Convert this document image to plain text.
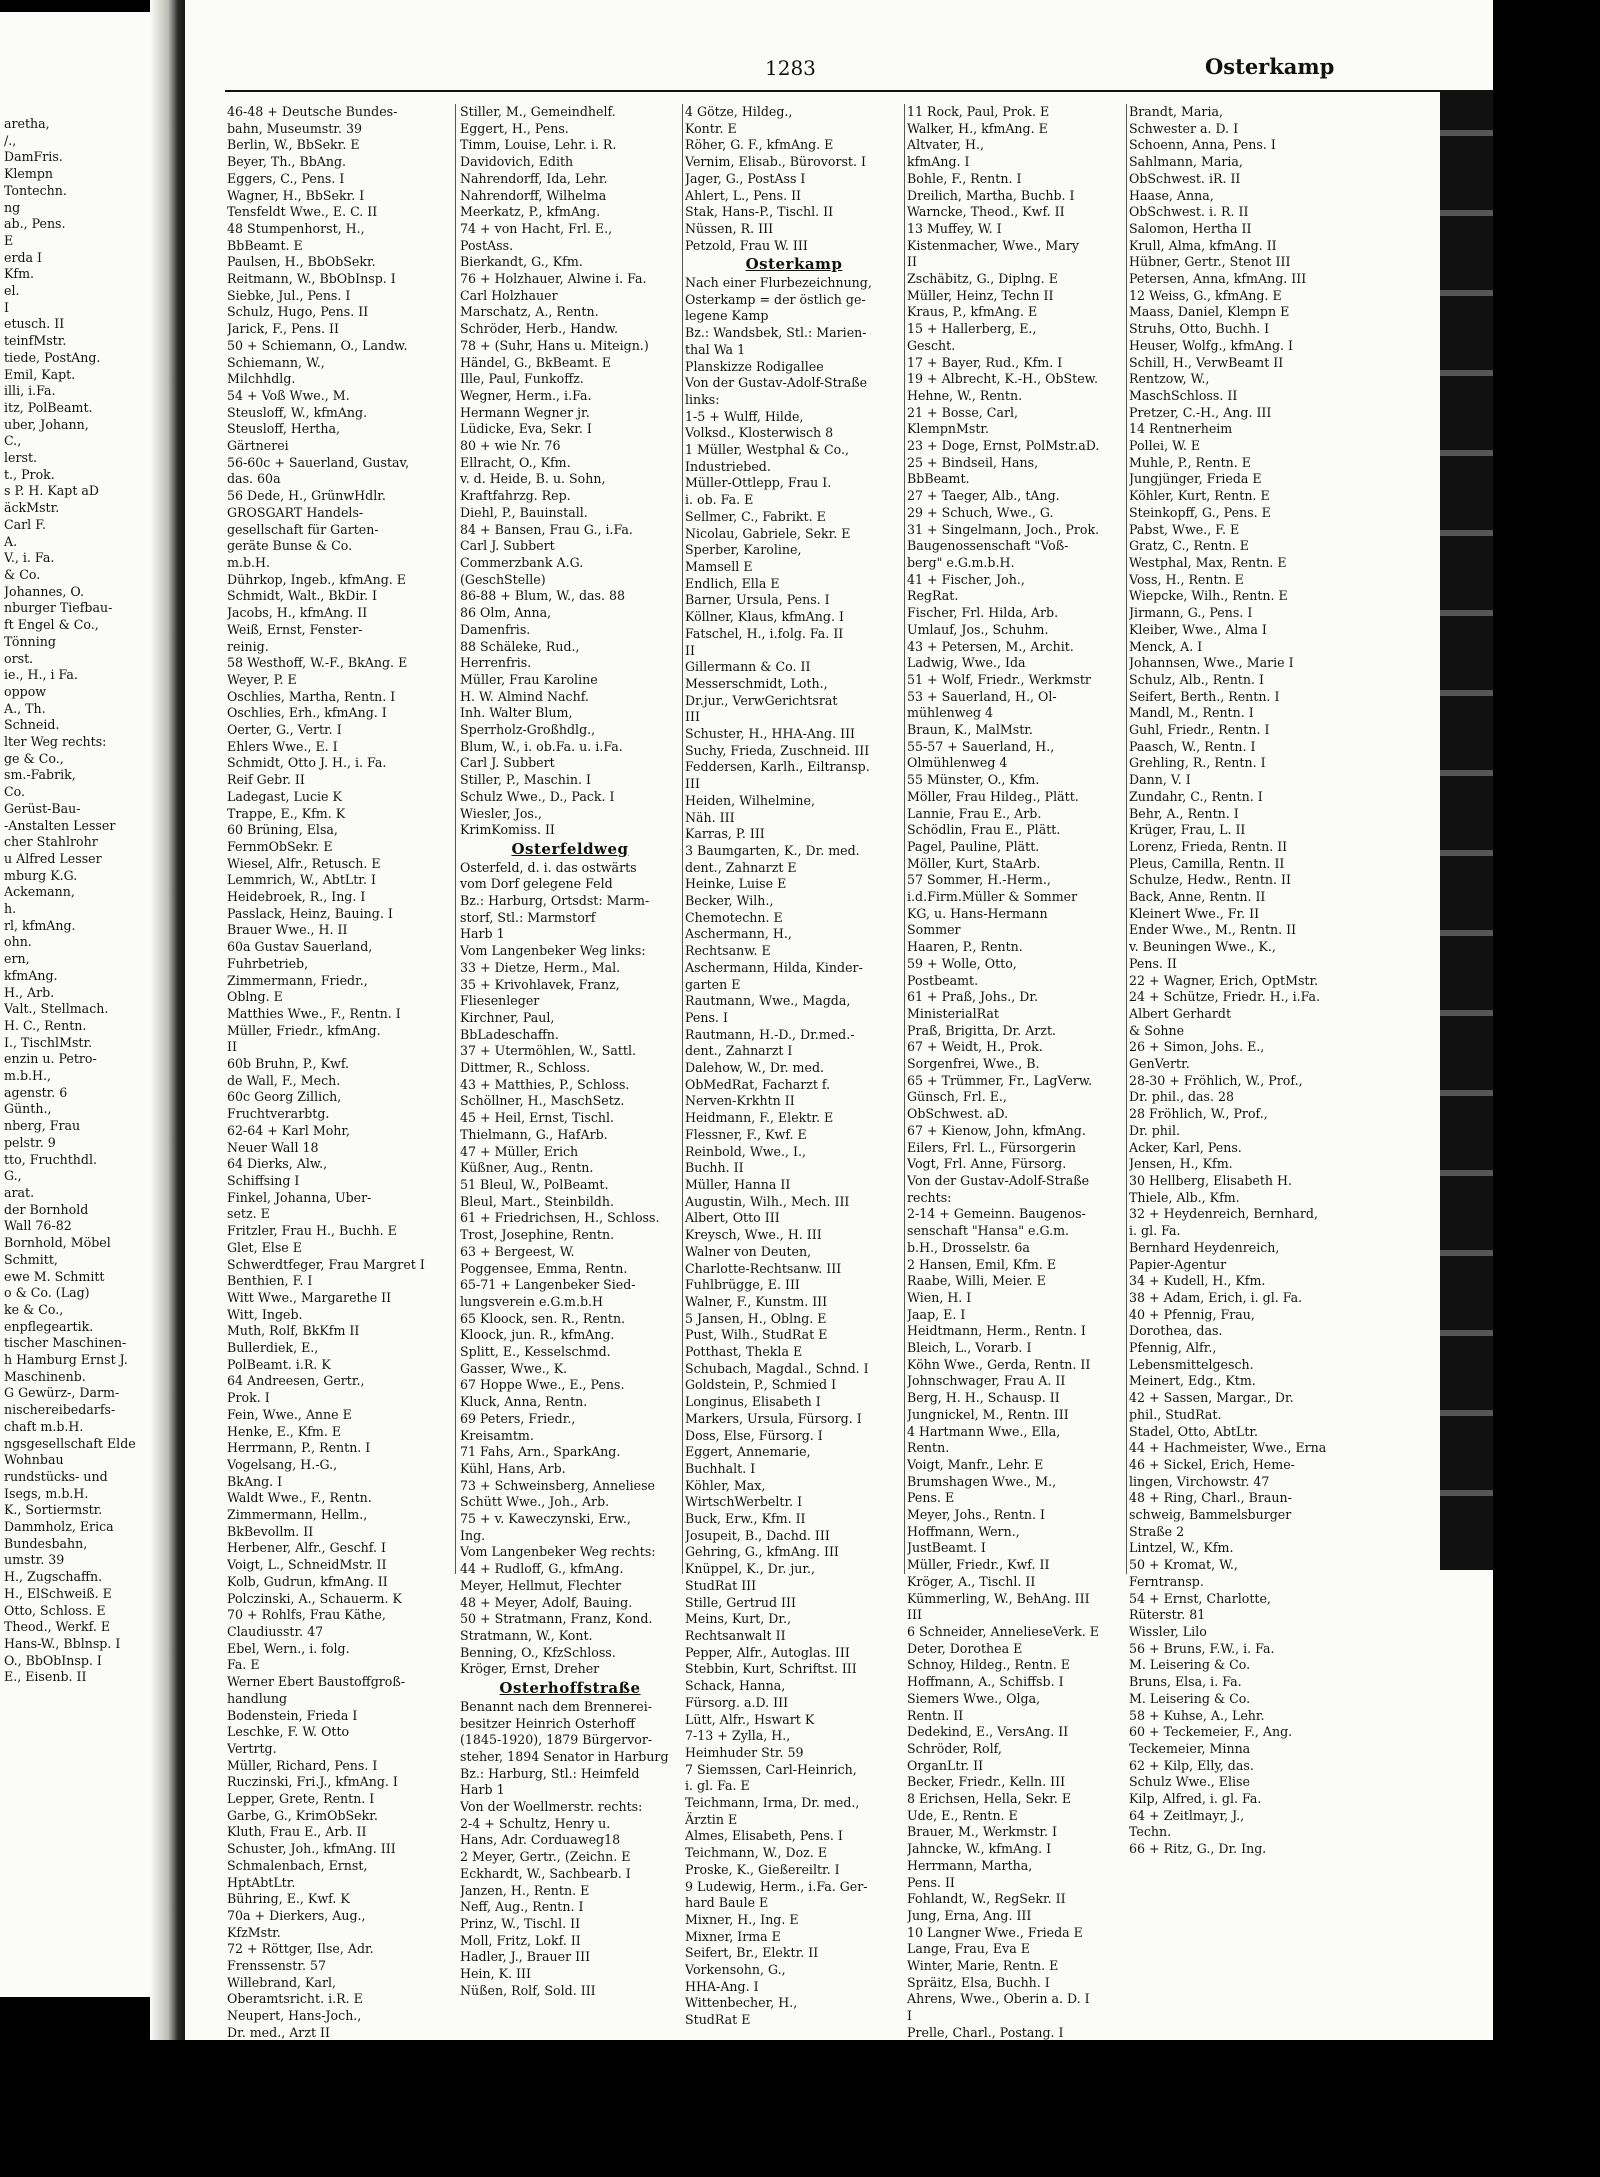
aretha,
/.,
DamFris.
Klempn
Tontechn.
ng
ab., Pens.
E
erda I
Kfm.
el.
I
etusch. II
teinfMstr.
tiede, PostAng.
Emil, Kapt.
illi, i.Fa.
itz, PolBeamt.
uber, Johann,
C.,
lerst.
t., Prok.
s P. H. Kapt aD
äckMstr.
Carl F.
A.
V., i. Fa.
& Co.
Johannes, O.
nburger Tiefbau-
ft Engel & Co.,
Tönning
orst.
ie., H., i Fa.
oppow
A., Th.
Schneid.
lter Weg rechts:
ge & Co.,
sm.-Fabrik,
Co.
Gerüst-Bau-
-Anstalten Lesser
cher Stahlrohr
u Alfred Lesser
mburg K.G.
Ackemann,
h.
rl, kfmAng.
ohn.
ern,
kfmAng.
H., Arb.
Valt., Stellmach.
H. C., Rentn.
I., TischlMstr.
enzin u. Petro-
m.b.H.,
agenstr. 6
Günth.,
nberg, Frau
pelstr. 9
tto, Fruchthdl.
G.,
arat.
der Bornhold
Wall 76-82
Bornhold, Möbel
Schmitt,
ewe M. Schmitt
o & Co. (Lag)
ke & Co.,
enpflegeartik.
tischer Maschinen-
h Hamburg Ernst J.
Maschinenb.
G Gewürz-, Darm-
nischereibedarfs-
chaft m.b.H.
ngsgesellschaft Elde
Wohnbau
rundstücks- und
Isegs, m.b.H.
K., Sortiermstr.
Dammholz, Erica
Bundesbahn,
umstr. 39
H., Zugschaffn.
H., ElSchweiß. E
Otto, Schloss. E
Theod., Werkf. E
Hans-W., Bblnsp. I
O., BbObInsp. I
E., Eisenb. II
1283	Osterkamp
46-48 + Deutsche Bundes-
bahn, Museumstr. 39
Berlin, W., BbSekr. E
Beyer, Th., BbAng.
Eggers, C., Pens. I
Wagner, H., BbSekr. I
Tensfeldt Wwe., E. C. II
48 Stumpenhorst, H.,
BbBeamt. E
Paulsen, H., BbObSekr.
Reitmann, W., BbObInsp. I
Siebke, Jul., Pens. I
Schulz, Hugo, Pens. II
Jarick, F., Pens. II
50 + Schiemann, O., Landw.
Schiemann, W.,
Milchhdlg.
54 + Voß Wwe., M.
Steusloff, W., kfmAng.
Steusloff, Hertha,
Gärtnerei
56-60c + Sauerland, Gustav,
das. 60a
56 Dede, H., GrünwHdlr.
GROSGART Handels-
gesellschaft für Garten-
geräte Bunse & Co.
m.b.H.
Dührkop, Ingeb., kfmAng. E
Schmidt, Walt., BkDir. I
Jacobs, H., kfmAng. II
Weiß, Ernst, Fenster-
reinig.
58 Westhoff, W.-F., BkAng. E
Weyer, P. E
Oschlies, Martha, Rentn. I
Oschlies, Erh., kfmAng. I
Oerter, G., Vertr. I
Ehlers Wwe., E. I
Schmidt, Otto J. H., i. Fa.
Reif Gebr. II
Ladegast, Lucie K
Trappe, E., Kfm. K
60 Brüning, Elsa,
FernmObSekr. E
Wiesel, Alfr., Retusch. E
Lemmrich, W., AbtLtr. I
Heidebroek, R., Ing. I
Passlack, Heinz, Bauing. I
Brauer Wwe., H. II
60a Gustav Sauerland,
Fuhrbetrieb,
Zimmermann, Friedr.,
Oblng. E
Matthies Wwe., F., Rentn. I
Müller, Friedr., kfmAng.
II
60b Bruhn, P., Kwf.
de Wall, F., Mech.
60c Georg Zillich,
Fruchtverarbtg.
62-64 + Karl Mohr,
Neuer Wall 18
64 Dierks, Alw.,
Schiffsing I
Finkel, Johanna, Uber-
setz. E
Fritzler, Frau H., Buchh. E
Glet, Else E
Schwerdtfeger, Frau Margret I
Benthien, F. I
Witt Wwe., Margarethe II
Witt, Ingeb.
Muth, Rolf, BkKfm II
Bullerdiek, E.,
PolBeamt. i.R. K
64 Andreesen, Gertr.,
Prok. I
Fein, Wwe., Anne E
Henke, E., Kfm. E
Herrmann, P., Rentn. I
Vogelsang, H.-G.,
BkAng. I
Waldt Wwe., F., Rentn.
Zimmermann, Hellm.,
BkBevollm. II
Herbener, Alfr., Geschf. I
Voigt, L., SchneidMstr. II
Kolb, Gudrun, kfmAng. II
Polczinski, A., Schauerm. K
70 + Rohlfs, Frau Käthe,
Claudiusstr. 47
Ebel, Wern., i. folg.
Fa. E
Werner Ebert Baustoffgroß-
handlung
Bodenstein, Frieda I
Leschke, F. W. Otto
Vertrtg.
Müller, Richard, Pens. I
Ruczinski, Fri.J., kfmAng. I
Lepper, Grete, Rentn. I
Garbe, G., KrimObSekr.
Kluth, Frau E., Arb. II
Schuster, Joh., kfmAng. III
Schmalenbach, Ernst,
HptAbtLtr.
Bühring, E., Kwf. K
70a + Dierkers, Aug.,
KfzMstr.
72 + Röttger, Ilse, Adr.
Frenssenstr. 57
Willebrand, Karl,
Oberamtsricht. i.R. E
Neupert, Hans-Joch.,
Dr. med., Arzt II
Stiller, M., Gemeindhelf.
Eggert, H., Pens.
Timm, Louise, Lehr. i. R.
Davidovich, Edith
Nahrendorff, Ida, Lehr.
Nahrendorff, Wilhelma
Meerkatz, P., kfmAng.
74 + von Hacht, Frl. E.,
PostAss.
Bierkandt, G., Kfm.
76 + Holzhauer, Alwine i. Fa.
Carl Holzhauer
Marschatz, A., Rentn.
Schröder, Herb., Handw.
78 + (Suhr, Hans u. Miteign.)
Händel, G., BkBeamt. E
Ille, Paul, Funkoffz.
Wegner, Herm., i.Fa.
Hermann Wegner jr.
Lüdicke, Eva, Sekr. I
80 + wie Nr. 76
Ellracht, O., Kfm.
v. d. Heide, B. u. Sohn,
Kraftfahrzg. Rep.
Diehl, P., Bauinstall.
84 + Bansen, Frau G., i.Fa.
Carl J. Subbert
Commerzbank A.G.
(GeschStelle)
86-88 + Blum, W., das. 88
86 Olm, Anna,
Damenfris.
88 Schäleke, Rud.,
Herrenfris.
Müller, Frau Karoline
H. W. Almind Nachf.
Inh. Walter Blum,
Sperrholz-Großhdlg.,
Blum, W., i. ob.Fa. u. i.Fa.
Carl J. Subbert
Stiller, P., Maschin. I
Schulz Wwe., D., Pack. I
Wiesler, Jos.,
KrimKomiss. II
Osterfeldweg
Osterfeld, d. i. das ostwärts
vom Dorf gelegene Feld
Bz.: Harburg, Ortsdst: Marm-
storf, Stl.: Marmstorf
Harb 1
Vom Langenbeker Weg links:
33 + Dietze, Herm., Mal.
35 + Krivohlavek, Franz,
Fliesenleger
Kirchner, Paul,
BbLadeschaffn.
37 + Utermöhlen, W., Sattl.
Dittmer, R., Schloss.
43 + Matthies, P., Schloss.
Schöllner, H., MaschSetz.
45 + Heil, Ernst, Tischl.
Thielmann, G., HafArb.
47 + Müller, Erich
Küßner, Aug., Rentn.
51 Bleul, W., PolBeamt.
Bleul, Mart., Steinbildh.
61 + Friedrichsen, H., Schloss.
Trost, Josephine, Rentn.
63 + Bergeest, W.
Poggensee, Emma, Rentn.
65-71 + Langenbeker Sied-
lungsverein e.G.m.b.H
65 Kloock, sen. R., Rentn.
Kloock, jun. R., kfmAng.
Splitt, E., Kesselschmd.
Gasser, Wwe., K.
67 Hoppe Wwe., E., Pens.
Kluck, Anna, Rentn.
69 Peters, Friedr.,
Kreisamtm.
71 Fahs, Arn., SparkAng.
Kühl, Hans, Arb.
73 + Schweinsberg, Anneliese
Schütt Wwe., Joh., Arb.
75 + v. Kaweczynski, Erw.,
Ing.
Vom Langenbeker Weg rechts:
44 + Rudloff, G., kfmAng.
Meyer, Hellmut, Flechter
48 + Meyer, Adolf, Bauing.
50 + Stratmann, Franz, Kond.
Stratmann, W., Kont.
Benning, O., KfzSchloss.
Kröger, Ernst, Dreher
Osterhoffstraße
Benannt nach dem Brennerei-
besitzer Heinrich Osterhoff
(1845-1920), 1879 Bürgervor-
steher, 1894 Senator in Harburg
Bz.: Harburg, Stl.: Heimfeld
Harb 1
Von der Woellmerstr. rechts:
2-4 + Schultz, Henry u.
Hans, Adr. Corduaweg18
2 Meyer, Gertr., (Zeichn. E
Eckhardt, W., Sachbearb. I
Janzen, H., Rentn. E
Neff, Aug., Rentn. I
Prinz, W., Tischl. II
Moll, Fritz, Lokf. II
Hadler, J., Brauer III
Hein, K. III
Nüßen, Rolf, Sold. III
4 Götze, Hildeg.,
Kontr. E
Röher, G. F., kfmAng. E
Vernim, Elisab., Bürovorst. I
Jager, G., PostAss I
Ahlert, L., Pens. II
Stak, Hans-P., Tischl. II
Nüssen, R. III
Petzold, Frau W. III
Osterkamp
Nach einer Flurbezeichnung,
Osterkamp = der östlich ge-
legene Kamp
Bz.: Wandsbek, Stl.: Marien-
thal Wa 1
Planskizze Rodigallee
Von der Gustav-Adolf-Straße
links:
1-5 + Wulff, Hilde,
Volksd., Klosterwisch 8
1 Müller, Westphal & Co.,
Industriebed.
Müller-Ottlepp, Frau I.
i. ob. Fa. E
Sellmer, C., Fabrikt. E
Nicolau, Gabriele, Sekr. E
Sperber, Karoline,
Mamsell E
Endlich, Ella E
Barner, Ursula, Pens. I
Köllner, Klaus, kfmAng. I
Fatschel, H., i.folg. Fa. II
II
Gillermann & Co. II
Messerschmidt, Loth.,
Dr.jur., VerwGerichtsrat
III
Schuster, H., HHA-Ang. III
Suchy, Frieda, Zuschneid. III
Feddersen, Karlh., Eiltransp.
III
Heiden, Wilhelmine,
Näh. III
Karras, P. III
3 Baumgarten, K., Dr. med.
dent., Zahnarzt E
Heinke, Luise E
Becker, Wilh.,
Chemotechn. E
Aschermann, H.,
Rechtsanw. E
Aschermann, Hilda, Kinder-
garten E
Rautmann, Wwe., Magda,
Pens. I
Rautmann, H.-D., Dr.med.-
dent., Zahnarzt I
Dalehow, W., Dr. med.
ObMedRat, Facharzt f.
Nerven-Krkhtn II
Heidmann, F., Elektr. E
Flessner, F., Kwf. E
Reinbold, Wwe., I.,
Buchh. II
Müller, Hanna II
Augustin, Wilh., Mech. III
Albert, Otto III
Kreysch, Wwe., H. III
Walner von Deuten,
Charlotte-Rechtsanw. III
Fuhlbrügge, E. III
Walner, F., Kunstm. III
5 Jansen, H., Oblng. E
Pust, Wilh., StudRat E
Potthast, Thekla E
Schubach, Magdal., Schnd. I
Goldstein, P., Schmied I
Longinus, Elisabeth I
Markers, Ursula, Fürsorg. I
Doss, Else, Fürsorg. I
Eggert, Annemarie,
Buchhalt. I
Köhler, Max,
WirtschWerbeltr. I
Buck, Erw., Kfm. II
Josupeit, B., Dachd. III
Gehring, G., kfmAng. III
Knüppel, K., Dr. jur.,
StudRat III
Stille, Gertrud III
Meins, Kurt, Dr.,
Rechtsanwalt II
Pepper, Alfr., Autoglas. III
Stebbin, Kurt, Schriftst. III
Schack, Hanna,
Fürsorg. a.D. III
Lütt, Alfr., Hswart K
7-13 + Zylla, H.,
Heimhuder Str. 59
7 Siemssen, Carl-Heinrich,
i. gl. Fa. E
Teichmann, Irma, Dr. med.,
Ärztin E
Almes, Elisabeth, Pens. I
Teichmann, W., Doz. E
Proske, K., Gießereiltr. I
9 Ludewig, Herm., i.Fa. Ger-
hard Baule E
Mixner, H., Ing. E
Mixner, Irma E
Seifert, Br., Elektr. II
Vorkensohn, G.,
HHA-Ang. I
Wittenbecher, H.,
StudRat E
11 Rock, Paul, Prok. E
Walker, H., kfmAng. E
Altvater, H.,
kfmAng. I
Bohle, F., Rentn. I
Dreilich, Martha, Buchb. I
Warncke, Theod., Kwf. II
13 Muffey, W. I
Kistenmacher, Wwe., Mary
II
Zschäbitz, G., Diplng. E
Müller, Heinz, Techn II
Kraus, P., kfmAng. E
15 + Hallerberg, E.,
Gescht.
17 + Bayer, Rud., Kfm. I
19 + Albrecht, K.-H., ObStew.
Hehne, W., Rentn.
21 + Bosse, Carl,
KlempnMstr.
23 + Doge, Ernst, PolMstr.aD.
25 + Bindseil, Hans,
BbBeamt.
27 + Taeger, Alb., tAng.
29 + Schuch, Wwe., G.
31 + Singelmann, Joch., Prok.
Baugenossenschaft "Voß-
berg" e.G.m.b.H.
41 + Fischer, Joh.,
RegRat.
Fischer, Frl. Hilda, Arb.
Umlauf, Jos., Schuhm.
43 + Petersen, M., Archit.
Ladwig, Wwe., Ida
51 + Wolf, Friedr., Werkmstr
53 + Sauerland, H., Ol-
mühlenweg 4
Braun, K., MalMstr.
55-57 + Sauerland, H.,
Olmühlenweg 4
55 Münster, O., Kfm.
Möller, Frau Hildeg., Plätt.
Lannie, Frau E., Arb.
Schödlin, Frau E., Plätt.
Pagel, Pauline, Plätt.
Möller, Kurt, StaArb.
57 Sommer, H.-Herm.,
i.d.Firm.Müller & Sommer
KG, u. Hans-Hermann
Sommer
Haaren, P., Rentn.
59 + Wolle, Otto,
Postbeamt.
61 + Praß, Johs., Dr.
MinisterialRat
Praß, Brigitta, Dr. Arzt.
67 + Weidt, H., Prok.
Sorgenfrei, Wwe., B.
65 + Trümmer, Fr., LagVerw.
Günsch, Frl. E.,
ObSchwest. aD.
67 + Kienow, John, kfmAng.
Eilers, Frl. L., Fürsorgerin
Vogt, Frl. Anne, Fürsorg.
Von der Gustav-Adolf-Straße
rechts:
2-14 + Gemeinn. Baugenos-
senschaft "Hansa" e.G.m.
b.H., Drosselstr. 6a
2 Hansen, Emil, Kfm. E
Raabe, Willi, Meier. E
Wien, H. I
Jaap, E. I
Heidtmann, Herm., Rentn. I
Bleich, L., Vorarb. I
Köhn Wwe., Gerda, Rentn. II
Johnschwager, Frau A. II
Berg, H. H., Schausp. II
Jungnickel, M., Rentn. III
4 Hartmann Wwe., Ella,
Rentn.
Voigt, Manfr., Lehr. E
Brumshagen Wwe., M.,
Pens. E
Meyer, Johs., Rentn. I
Hoffmann, Wern.,
JustBeamt. I
Müller, Friedr., Kwf. II
Kröger, A., Tischl. II
Kümmerling, W., BehAng. III
III
6 Schneider, AnnelieseVerk. E
Deter, Dorothea E
Schnoy, Hildeg., Rentn. E
Hoffmann, A., Schiffsb. I
Siemers Wwe., Olga,
Rentn. II
Dedekind, E., VersAng. II
Schröder, Rolf,
OrganLtr. II
Becker, Friedr., Kelln. III
8 Erichsen, Hella, Sekr. E
Ude, E., Rentn. E
Brauer, M., Werkmstr. I
Jahncke, W., kfmAng. I
Herrmann, Martha,
Pens. II
Fohlandt, W., RegSekr. II
Jung, Erna, Ang. III
10 Langner Wwe., Frieda E
Lange, Frau, Eva E
Winter, Marie, Rentn. E
Spräitz, Elsa, Buchh. I
Ahrens, Wwe., Oberin a. D. I
I
Prelle, Charl., Postang. I
Brandt, Maria,
Schwester a. D. I
Schoenn, Anna, Pens. I
Sahlmann, Maria,
ObSchwest. iR. II
Haase, Anna,
ObSchwest. i. R. II
Salomon, Hertha II
Krull, Alma, kfmAng. II
Hübner, Gertr., Stenot III
Petersen, Anna, kfmAng. III
12 Weiss, G., kfmAng. E
Maass, Daniel, Klempn E
Struhs, Otto, Buchh. I
Heuser, Wolfg., kfmAng. I
Schill, H., VerwBeamt II
Rentzow, W.,
MaschSchloss. II
Pretzer, C.-H., Ang. III
14 Rentnerheim
Pollei, W. E
Muhle, P., Rentn. E
Jungjünger, Frieda E
Köhler, Kurt, Rentn. E
Steinkopff, G., Pens. E
Pabst, Wwe., F. E
Gratz, C., Rentn. E
Westphal, Max, Rentn. E
Voss, H., Rentn. E
Wiepcke, Wilh., Rentn. E
Jirmann, G., Pens. I
Kleiber, Wwe., Alma I
Menck, A. I
Johannsen, Wwe., Marie I
Schulz, Alb., Rentn. I
Seifert, Berth., Rentn. I
Mandl, M., Rentn. I
Guhl, Friedr., Rentn. I
Paasch, W., Rentn. I
Grehling, R., Rentn. I
Dann, V. I
Zundahr, C., Rentn. I
Behr, A., Rentn. I
Krüger, Frau, L. II
Lorenz, Frieda, Rentn. II
Pleus, Camilla, Rentn. II
Schulze, Hedw., Rentn. II
Back, Anne, Rentn. II
Kleinert Wwe., Fr. II
Ender Wwe., M., Rentn. II
v. Beuningen Wwe., K.,
Pens. II
22 + Wagner, Erich, OptMstr.
24 + Schütze, Friedr. H., i.Fa.
Albert Gerhardt
& Sohne
26 + Simon, Johs. E.,
GenVertr.
28-30 + Fröhlich, W., Prof.,
Dr. phil., das. 28
28 Fröhlich, W., Prof.,
Dr. phil.
Acker, Karl, Pens.
Jensen, H., Kfm.
30 Hellberg, Elisabeth H.
Thiele, Alb., Kfm.
32 + Heydenreich, Bernhard,
i. gl. Fa.
Bernhard Heydenreich,
Papier-Agentur
34 + Kudell, H., Kfm.
38 + Adam, Erich, i. gl. Fa.
40 + Pfennig, Frau,
Dorothea, das.
Pfennig, Alfr.,
Lebensmittelgesch.
Meinert, Edg., Ktm.
42 + Sassen, Margar., Dr.
phil., StudRat.
Stadel, Otto, AbtLtr.
44 + Hachmeister, Wwe., Erna
46 + Sickel, Erich, Heme-
lingen, Virchowstr. 47
48 + Ring, Charl., Braun-
schweig, Bammelsburger
Straße 2
Lintzel, W., Kfm.
50 + Kromat, W.,
Ferntransp.
54 + Ernst, Charlotte,
Rüterstr. 81
Wissler, Lilo
56 + Bruns, F.W., i. Fa.
M. Leisering & Co.
Bruns, Elsa, i. Fa.
M. Leisering & Co.
58 + Kuhse, A., Lehr.
60 + Teckemeier, F., Ang.
Teckemeier, Minna
62 + Kilp, Elly, das.
Schulz Wwe., Elise
Kilp, Alfred, i. gl. Fa.
64 + Zeitlmayr, J.,
Techn.
66 + Ritz, G., Dr. Ing.
